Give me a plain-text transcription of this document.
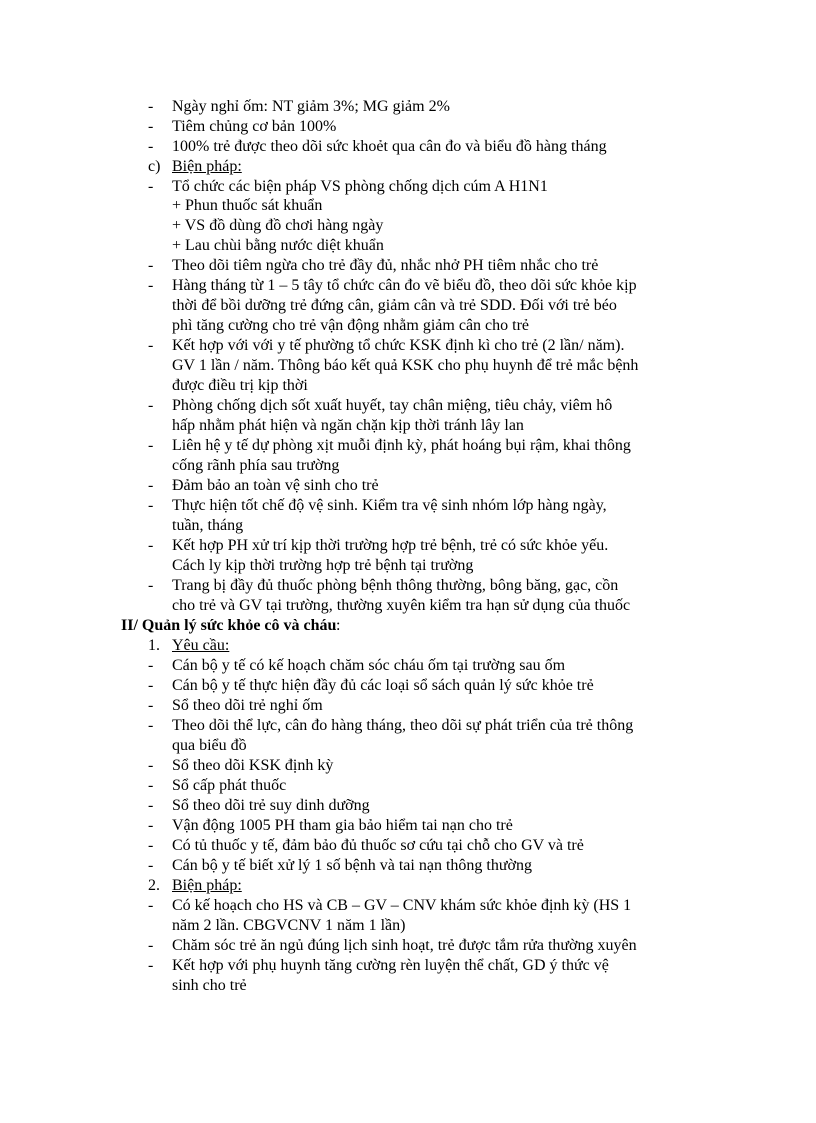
- Ngày nghỉ ốm: NT giảm 3%; MG giảm 2%
- Tiêm chủng cơ bản 100%
- 100% trẻ được theo dõi sức khoẻt qua cân đo và biểu đồ hàng tháng
c) Biện pháp:
- Tổ chức các biện pháp VS phòng chống dịch cúm A H1N1
+ Phun thuốc sát khuẩn
+ VS đồ dùng đồ chơi hàng ngày
+ Lau chùi bằng nước diệt khuẩn
- Theo dõi tiêm ngừa cho trẻ đầy đủ, nhắc nhở PH tiêm nhắc cho trẻ
- Hàng tháng từ 1 – 5 tây tổ chức cân đo vẽ biểu đồ, theo dõi sức khỏe kịp
thời để bồi dưỡng trẻ đứng cân, giảm cân và trẻ SDD. Đối với trẻ béo
phì tăng cường cho trẻ vận động nhằm giảm cân cho trẻ
- Kết hợp với với y tế phường tổ chức KSK định kì cho trẻ (2 lần/ năm).
GV 1 lần / năm. Thông báo kết quả KSK cho phụ huynh để trẻ mắc bệnh
được điều trị kịp thời
- Phòng chống dịch sốt xuất huyết, tay chân miệng, tiêu chảy, viêm hô
hấp nhằm phát hiện và ngăn chặn kịp thời tránh lây lan
- Liên hệ y tế dự phòng xịt muỗi định kỳ, phát hoáng bụi rậm, khai thông
cống rãnh phía sau trường
- Đảm bảo an toàn vệ sinh cho trẻ
- Thực hiện tốt chế độ vệ sinh. Kiểm tra vệ sinh nhóm lớp hàng ngày,
tuần, tháng
- Kết hợp PH xử trí kịp thời trường hợp trẻ bệnh, trẻ có sức khỏe yếu.
Cách ly kịp thời trường hợp trẻ bệnh tại trường
- Trang bị đầy đủ thuốc phòng bệnh thông thường, bông băng, gạc, cồn
cho trẻ và GV tại trường, thường xuyên kiểm tra hạn sử dụng của thuốc
II/ Quản lý sức khỏe cô và cháu :
1. Yêu cầu:
- Cán bộ y tế có kế hoạch chăm sóc cháu ốm tại trường sau ốm
- Cán bộ y tế thực hiện đầy đủ các loại sổ sách quản lý sức khỏe trẻ
- Sổ theo dõi trẻ nghỉ ốm
- Theo dõi thể lực, cân đo hàng tháng, theo dõi sự phát triển của trẻ thông
qua biểu đồ
- Sổ theo dõi KSK định kỳ
- Sổ cấp phát thuốc
- Sổ theo dõi trẻ suy dinh dưỡng
- Vận động 1005 PH tham gia bảo hiểm tai nạn cho trẻ
- Có tủ thuốc y tế, đảm bảo đủ thuốc sơ cứu tại chỗ cho GV và trẻ
- Cán bộ y tế biết xử lý 1 số bệnh và tai nạn thông thường
2. Biện pháp:
- Có kế hoạch cho HS và CB – GV – CNV khám sức khỏe định kỳ (HS 1
năm 2 lần. CBGVCNV 1 năm 1 lần)
- Chăm sóc trẻ ăn ngủ đúng lịch sinh hoạt, trẻ được tắm rửa thường xuyên
- Kết hợp với phụ huynh tăng cường rèn luyện thể chất, GD ý thức vệ
sinh cho trẻ
